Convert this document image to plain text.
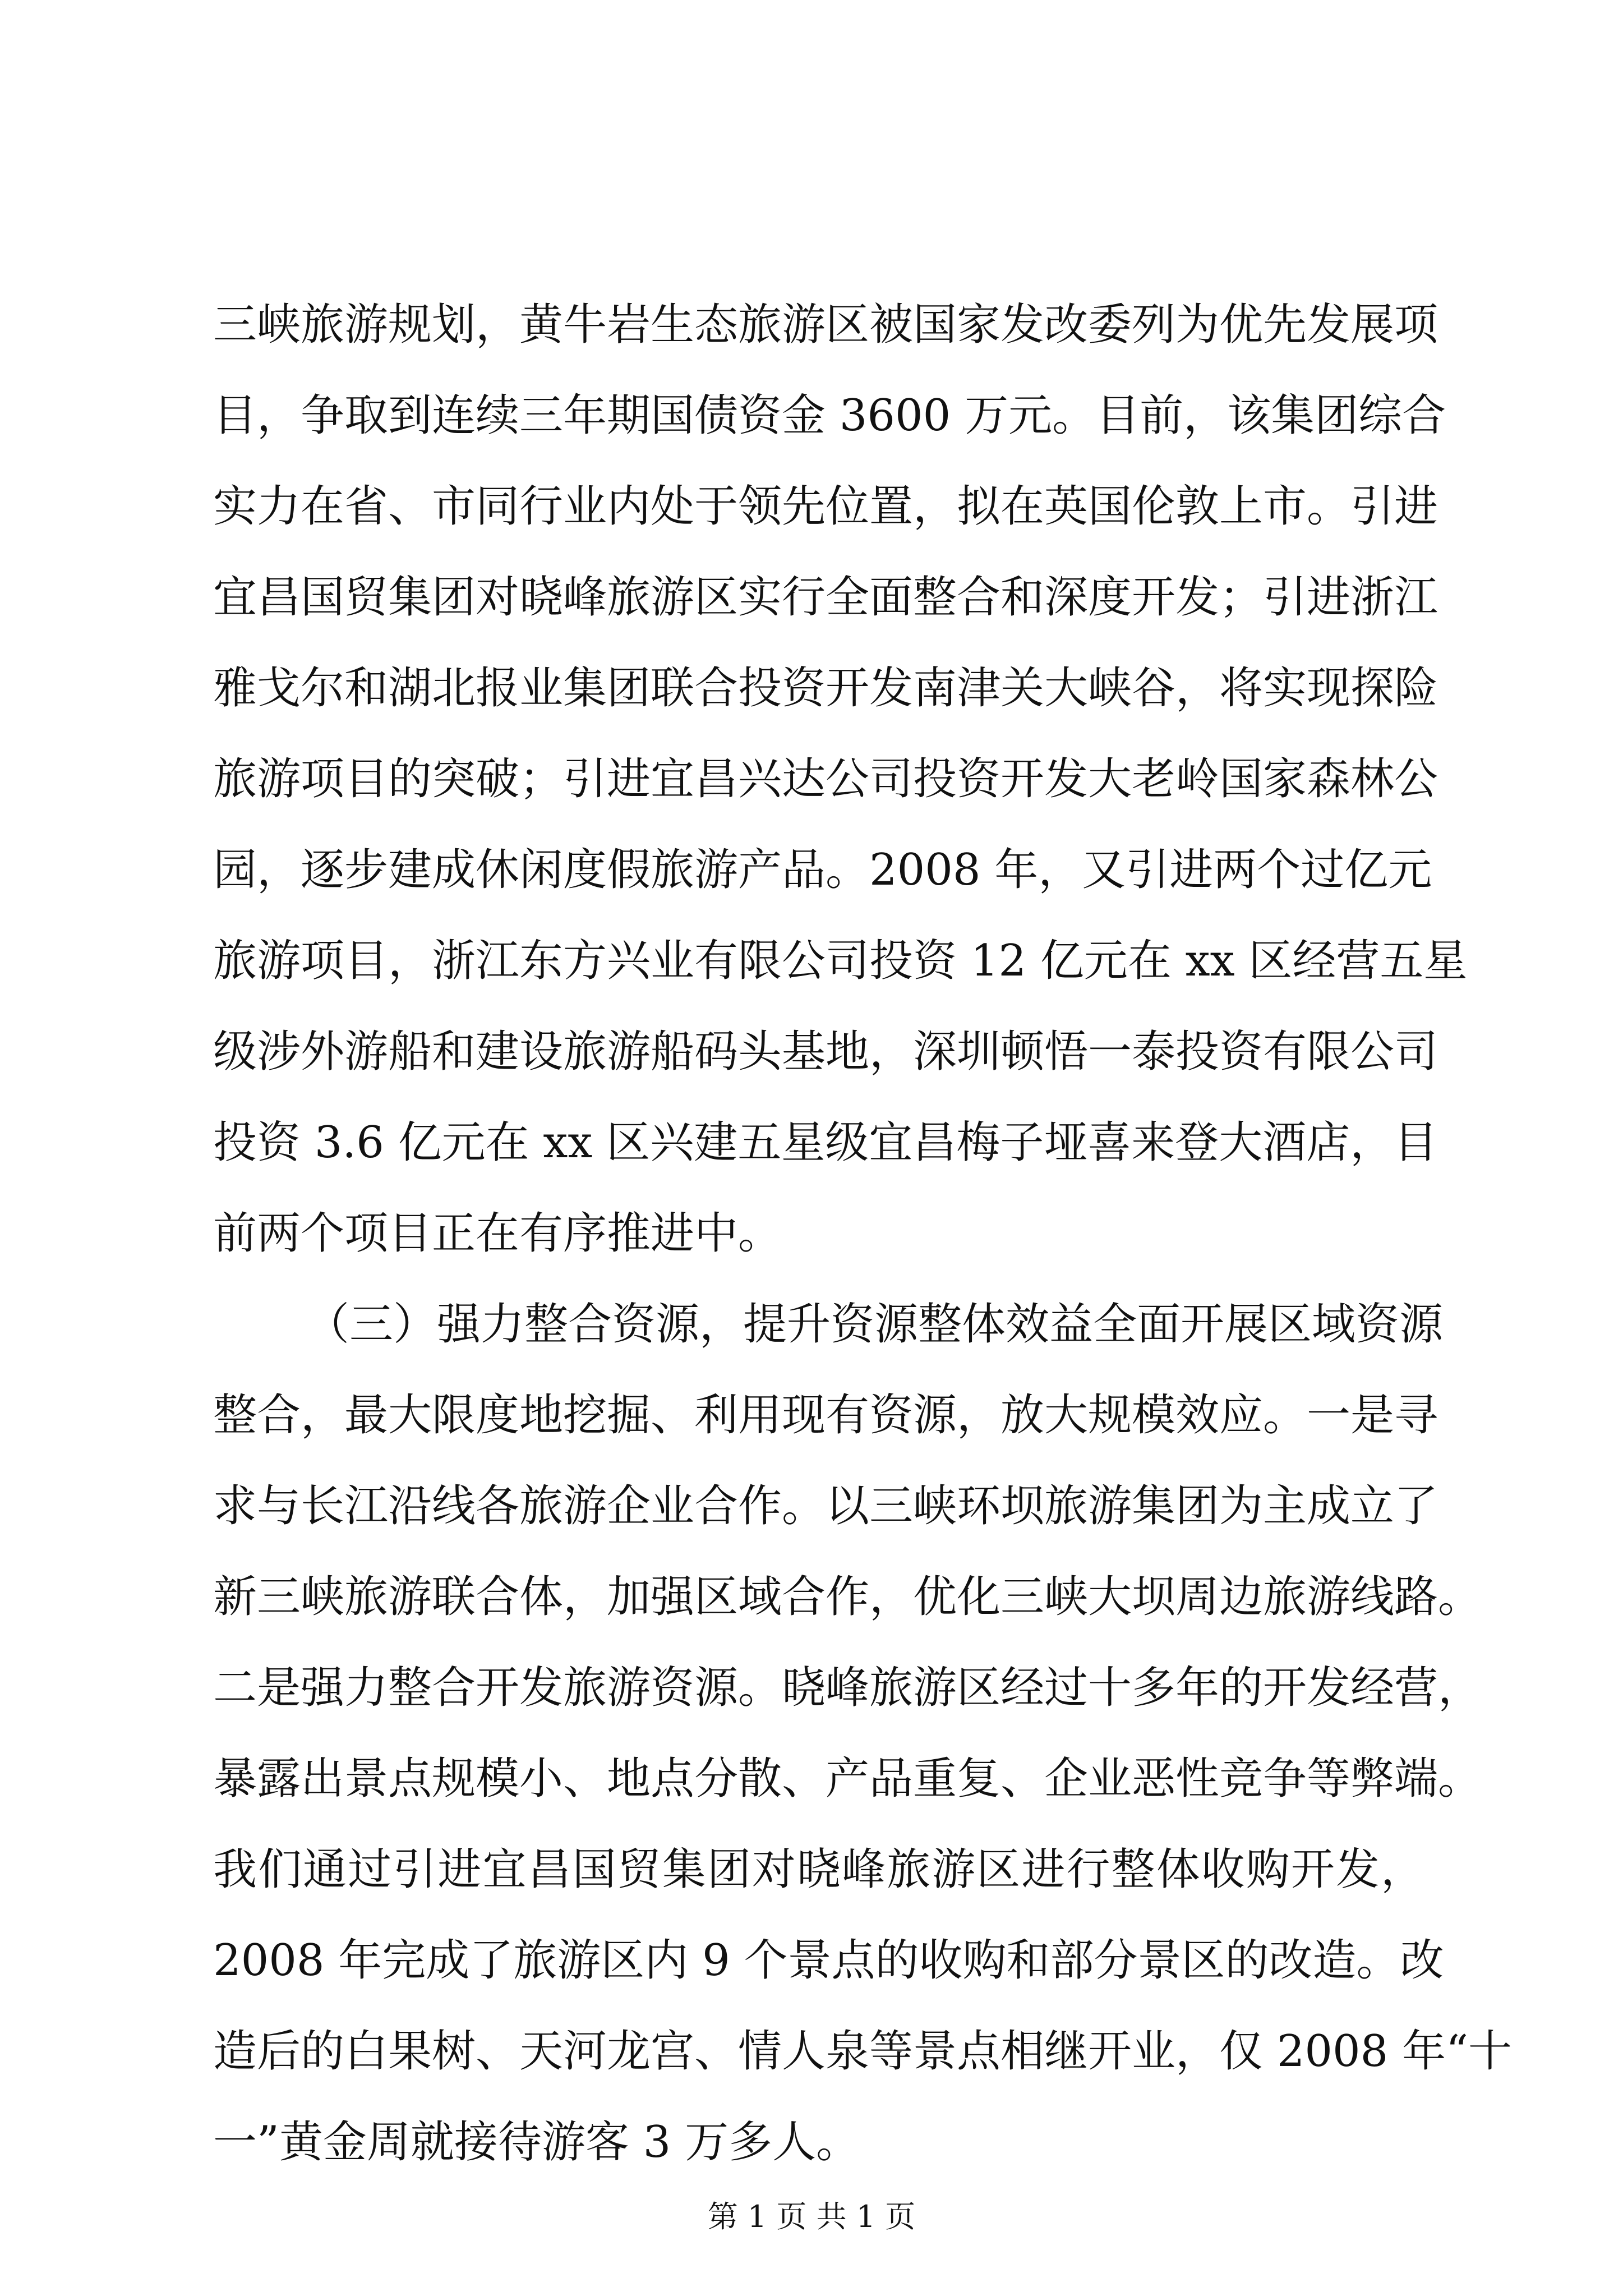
三峡旅游规划，黄牛岩生态旅游区被国家发改委列为优先发展项
目，争取到连续三年期国债资金 3600 万元。目前，该集团综合
实力在省、市同行业内处于领先位置，拟在英国伦敦上市。引进
宜昌国贸集团对晓峰旅游区实行全面整合和深度开发；引进浙江
雅戈尔和湖北报业集团联合投资开发南津关大峡谷，将实现探险
旅游项目的突破；引进宜昌兴达公司投资开发大老岭国家森林公
园，逐步建成休闲度假旅游产品。2008 年，又引进两个过亿元
旅游项目，浙江东方兴业有限公司投资 12 亿元在 xx 区经营五星
级涉外游船和建设旅游船码头基地，深圳顿悟一泰投资有限公司
投资 3.6 亿元在 xx 区兴建五星级宜昌梅子垭喜来登大酒店，目
前两个项目正在有序推进中。
（三）强力整合资源，提升资源整体效益全面开展区域资源
整合，最大限度地挖掘、利用现有资源，放大规模效应。一是寻
求与长江沿线各旅游企业合作。以三峡环坝旅游集团为主成立了
新三峡旅游联合体，加强区域合作，优化三峡大坝周边旅游线路。
二是强力整合开发旅游资源。晓峰旅游区经过十多年的开发经营，
暴露出景点规模小、地点分散、产品重复、企业恶性竞争等弊端。
我们通过引进宜昌国贸集团对晓峰旅游区进行整体收购开发，
2008 年完成了旅游区内 9 个景点的收购和部分景区的改造。改
造后的白果树、天河龙宫、情人泉等景点相继开业，仅 2008 年“十
一”黄金周就接待游客 3 万多人。
第 1 页 共 1 页
